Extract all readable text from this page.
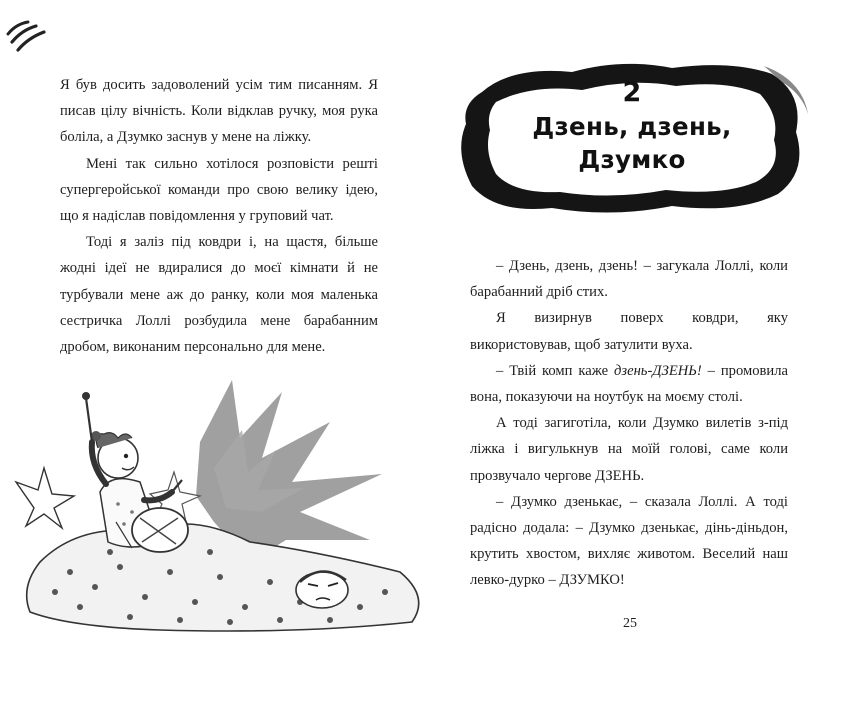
Я був досить задоволений усім тим писанням. Я писав цілу вічність. Коли відклав ручку, моя рука боліла, а Дзумко заснув у мене на ліжку.

Мені так сильно хотілося розповісти решті супергеройської команди про свою велику ідею, що я надіслав повідомлення у груповий чат.

Тоді я заліз під ковдри і, на щастя, більше жодні ідеї не вдиралися до моєї кімнати й не турбували мене аж до ранку, коли моя маленька сестричка Лоллі розбудила мене барабанним дробом, виконаним персонально для мене.

2
Дзень, дзень,
Дзумко

– Дзень, дзень, дзень! – загукала Лоллі, коли барабанний дріб стих.

Я визирнув поверх ковдри, яку використовував, щоб затулити вуха.

– Твій комп каже дзень-ДЗЕНЬ! – промовила вона, показуючи на ноутбук на моєму столі.

А тоді загиготіла, коли Дзумко вилетів з-під ліжка і вигулькнув на моїй голові, саме коли прозвучало чергове ДЗЕНЬ.

– Дзумко дзенькає, – сказала Лоллі. А тоді радісно додала: – Дзумко дзенькає, дінь-діньдон, крутить хвостом, вихляє животом. Веселий наш левко-дурко – ДЗУМКО!

25
